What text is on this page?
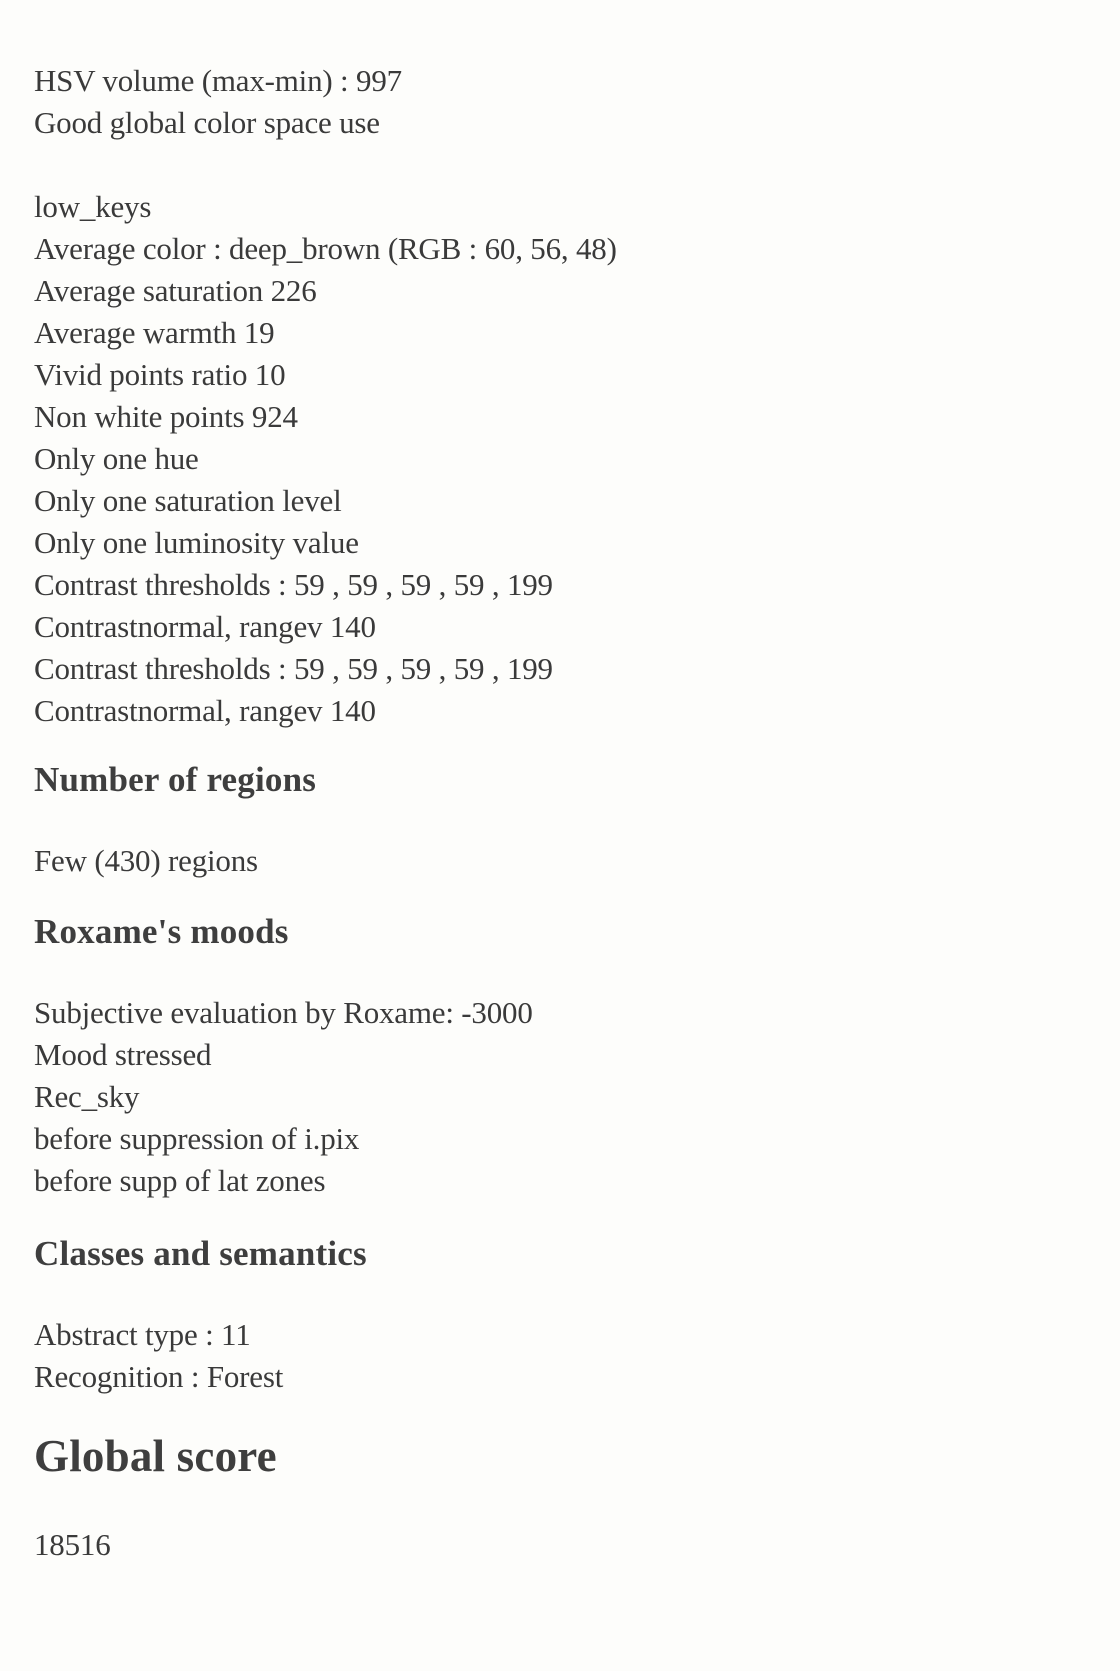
HSV volume (max-min) : 997
Good global color space use
low_keys
Average color : deep_brown (RGB : 60, 56, 48)
Average saturation 226
Average warmth 19
Vivid points ratio 10
Non white points 924
Only one hue
Only one saturation level
Only one luminosity value
Contrast thresholds : 59 , 59 , 59 , 59 , 199
Contrastnormal, rangev 140
Contrast thresholds : 59 , 59 , 59 , 59 , 199
Contrastnormal, rangev 140
Number of regions
Few (430) regions
Roxame's moods
Subjective evaluation by Roxame: -3000
Mood stressed
Rec_sky
before suppression of i.pix
before supp of lat zones
Classes and semantics
Abstract type : 11
Recognition : Forest
Global score
18516
